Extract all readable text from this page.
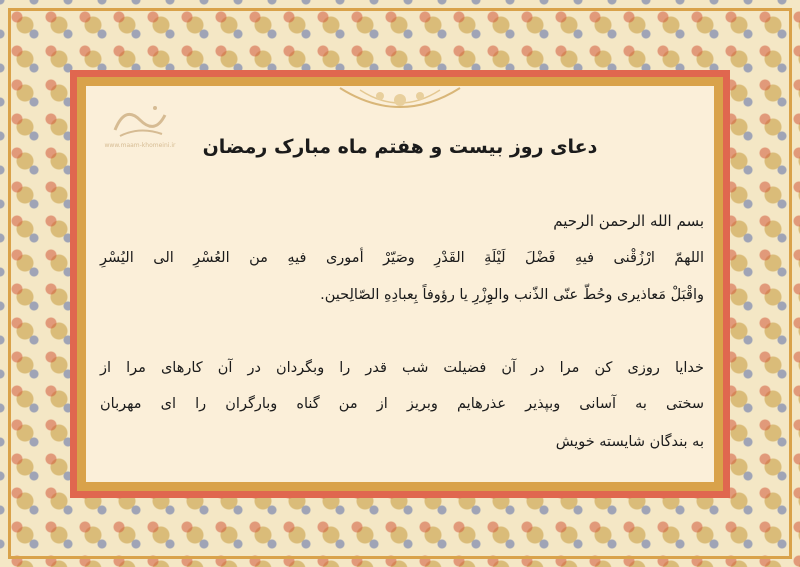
www.maam-khomeini.ir	دعای روز بیست و هفتم ماه مبارک رمضان
بسم الله الرحمن الرحیم
اللهمّ ارْزُقْنی فیهِ فَضْلَ لَیْلَةِ القَدْرِ وصَیّرْ أموری فیهِ من العُسْرِ الی الیُسْرِ
واقْبَلْ مَعاذیری وحُطّ عنّی الذّنب والوِزْرِ یا رؤوفاً بِعبادِهِ الصّالِحین.
خدایا روزی کن مرا در آن فضیلت شب قدر را وبگردان در آن کارهای مرا از
سختی به آسانی وبپذیر عذرهایم وبریز از من گناه وبارگران را ای مهربان
به بندگان شایسته خویش
